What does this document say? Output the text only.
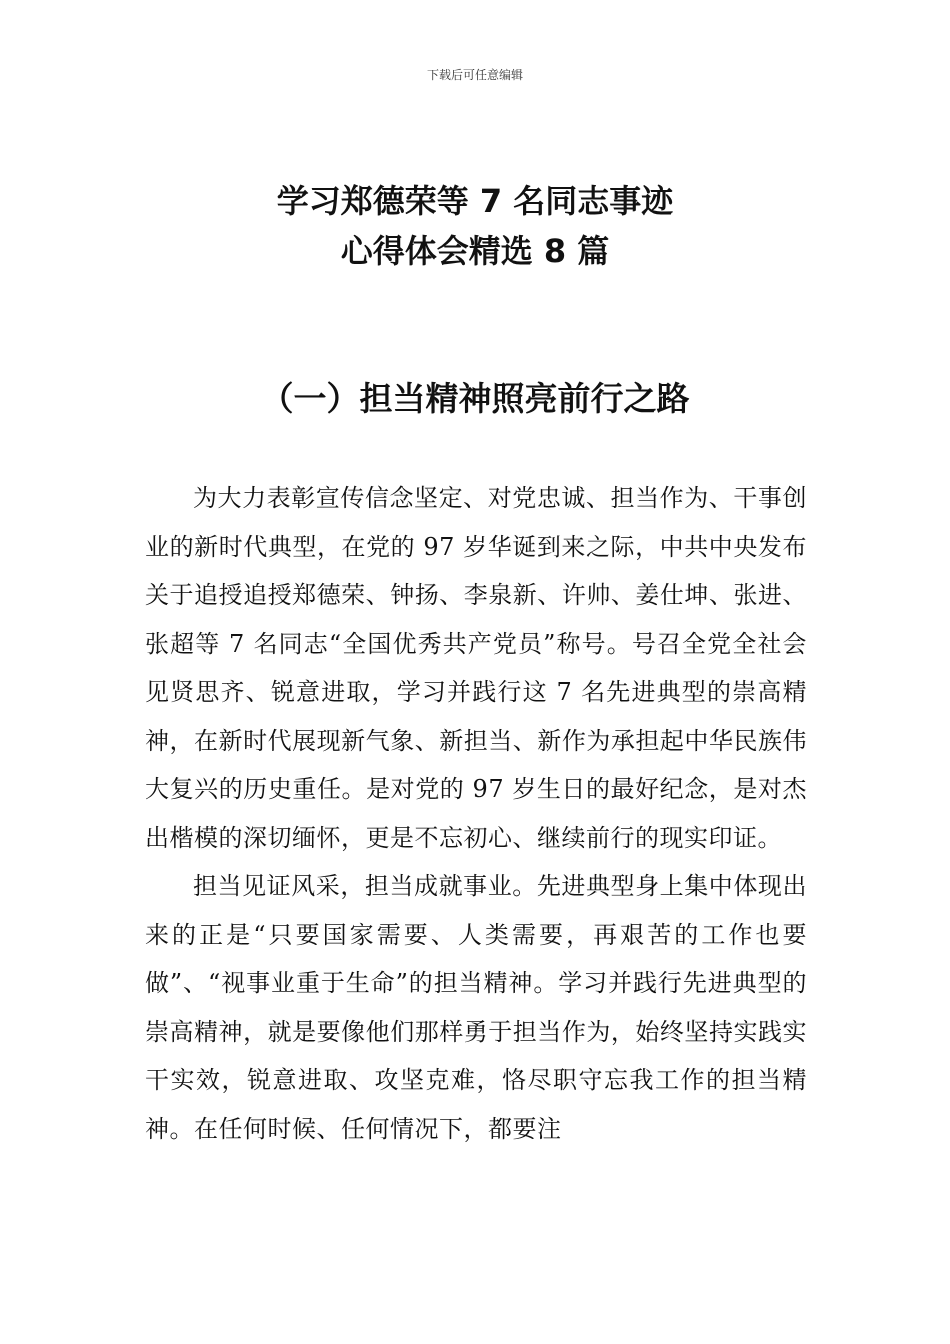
下载后可任意编辑
学习郑德荣等 7 名同志事迹
心得体会精选 8 篇
（一）担当精神照亮前行之路

为大力表彰宣传信念坚定、对党忠诚、担当作为、干事创业的新时代典型，在党的 97 岁华诞到来之际，中共中央发布关于追授追授郑德荣、钟扬、李泉新、许帅、姜仕坤、张进、张超等 7 名同志“全国优秀共产党员”称号。号召全党全社会见贤思齐、锐意进取，学习并践行这 7 名先进典型的崇高精神，在新时代展现新气象、新担当、新作为承担起中华民族伟大复兴的历史重任。是对党的 97 岁生日的最好纪念，是对杰出楷模的深切缅怀，更是不忘初心、继续前行的现实印证。

担当见证风采，担当成就事业。先进典型身上集中体现出来的正是“只要国家需要、人类需要，再艰苦的工作也要做”、“视事业重于生命”的担当精神。学习并践行先进典型的崇高精神，就是要像他们那样勇于担当作为，始终坚持实践实干实效，锐意进取、攻坚克难，恪尽职守忘我工作的担当精神。在任何时候、任何情况下，都要注
